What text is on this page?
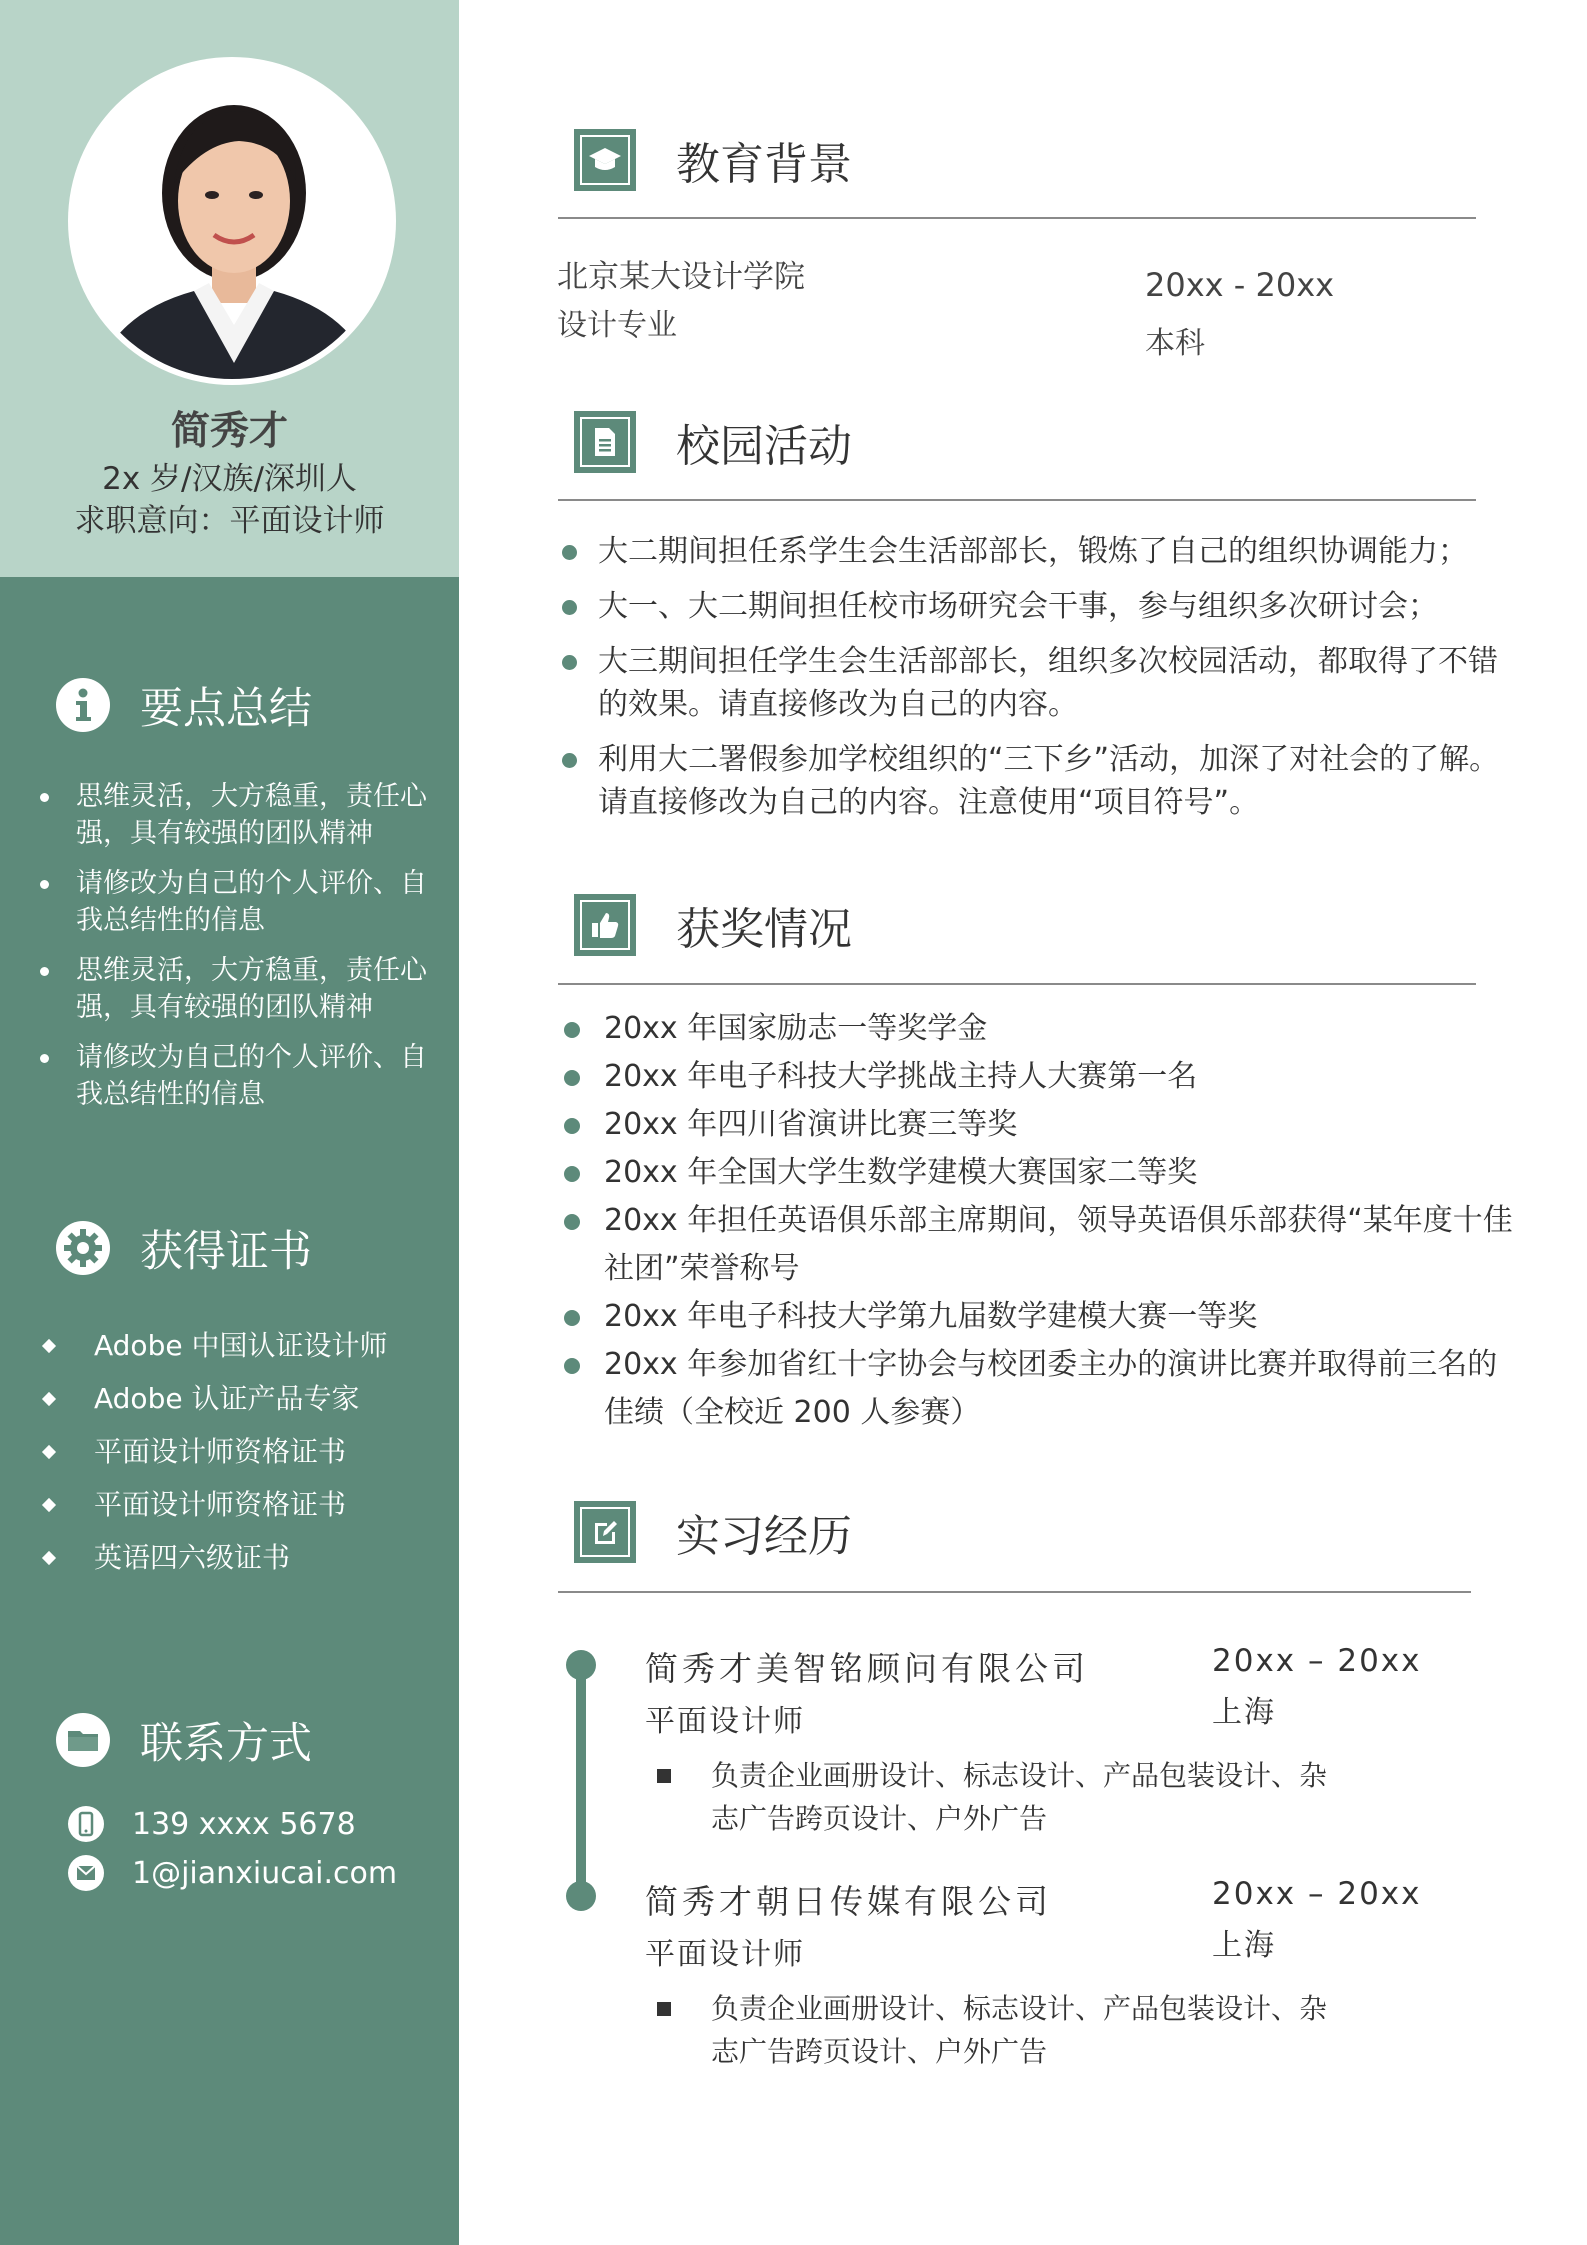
简秀才
2x 岁/汉族/深圳人
求职意向：平面设计师
要点总结
思维灵活，大方稳重，责任心强，具有较强的团队精神
请修改为自己的个人评价、自我总结性的信息
思维灵活，大方稳重，责任心强，具有较强的团队精神
请修改为自己的个人评价、自我总结性的信息
获得证书
Adobe 中国认证设计师
Adobe 认证产品专家
平面设计师资格证书
平面设计师资格证书
英语四六级证书
联系方式
139 xxxx 5678
1@jianxiucai.com
教育背景
北京某大设计学院
设计专业
20xx - 20xx
本科
校园活动
大二期间担任系学生会生活部部长，锻炼了自己的组织协调能力；
大一、大二期间担任校市场研究会干事，参与组织多次研讨会；
大三期间担任学生会生活部部长，组织多次校园活动，都取得了不错的效果。请直接修改为自己的内容。
利用大二署假参加学校组织的“三下乡”活动，加深了对社会的了解。请直接修改为自己的内容。注意使用“项目符号”。
获奖情况
20xx 年国家励志一等奖学金
20xx 年电子科技大学挑战主持人大赛第一名
20xx 年四川省演讲比赛三等奖
20xx 年全国大学生数学建模大赛国家二等奖
20xx 年担任英语俱乐部主席期间，领导英语俱乐部获得“某年度十佳社团”荣誉称号
20xx 年电子科技大学第九届数学建模大赛一等奖
20xx 年参加省红十字协会与校团委主办的演讲比赛并取得前三名的佳绩（全校近 200 人参赛）
实习经历
简秀才美智铭顾问有限公司
平面设计师
20xx – 20xx
上海
负责企业画册设计、标志设计、产品包装设计、杂志广告跨页设计、户外广告
简秀才朝日传媒有限公司
平面设计师
20xx – 20xx
上海
负责企业画册设计、标志设计、产品包装设计、杂志广告跨页设计、户外广告
